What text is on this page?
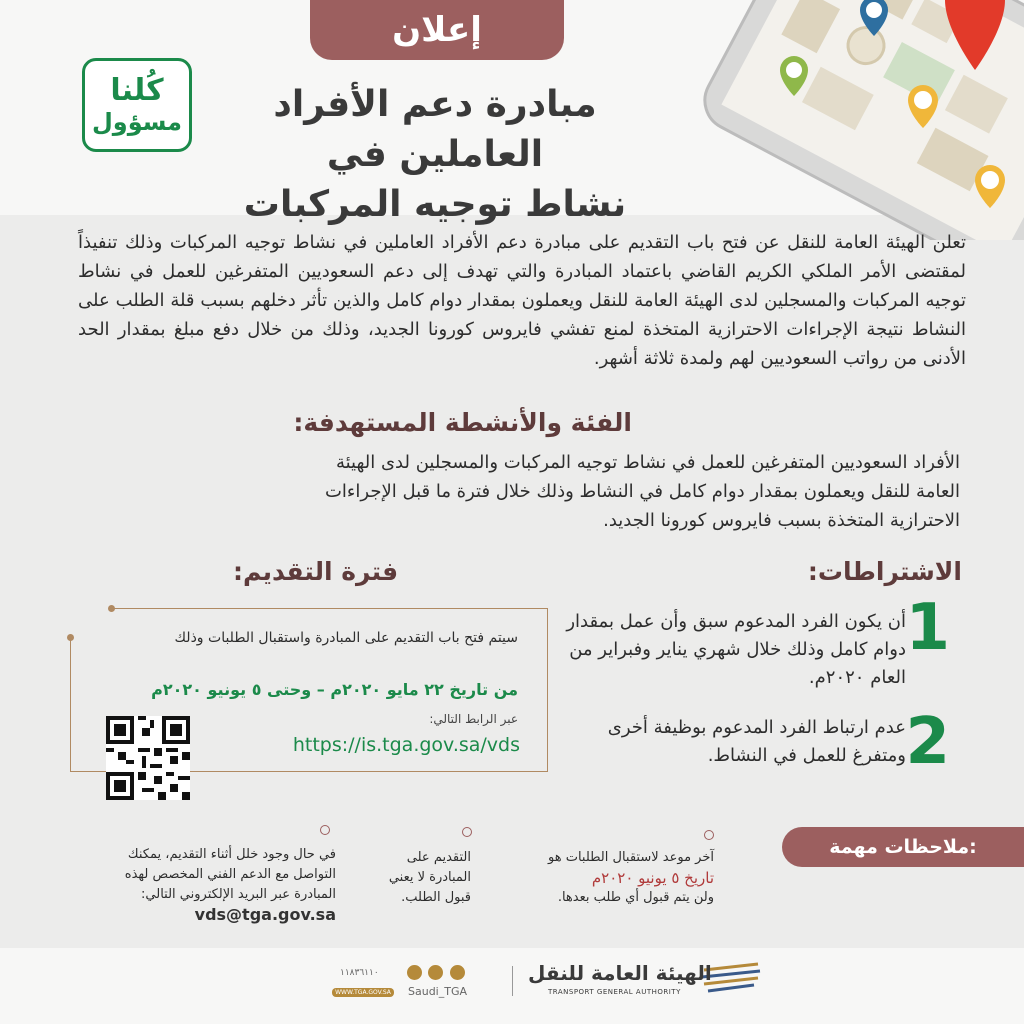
إعلان
كُلنا
مسؤول	مبادرة دعم الأفراد العاملين في
نشاط توجيه المركبات
تعلن الهيئة العامة للنقل عن فتح باب التقديم على مبادرة دعم الأفراد العاملين في نشاط توجيه المركبات وذلك تنفيذاً لمقتضى الأمر الملكي الكريم القاضي باعتماد المبادرة والتي تهدف إلى دعم السعوديين المتفرغين للعمل في نشاط توجيه المركبات والمسجلين لدى الهيئة العامة للنقل ويعملون بمقدار دوام كامل والذين تأثر دخلهم بسبب قلة الطلب على النشاط نتيجة الإجراءات الاحترازية المتخذة لمنع تفشي فايروس كورونا الجديد، وذلك من خلال دفع مبلغ بمقدار الحد الأدنى من رواتب السعوديين لهم ولمدة ثلاثة أشهر.
الفئة والأنشطة المستهدفة:
الأفراد السعوديين المتفرغين للعمل في نشاط توجيه المركبات والمسجلين لدى الهيئة العامة للنقل ويعملون بمقدار دوام كامل في النشاط وذلك خلال فترة ما قبل الإجراءات الاحترازية المتخذة بسبب فايروس كورونا الجديد.
الاشتراطات:
فترة التقديم:
1
أن يكون الفرد المدعوم سبق وأن عمل بمقدار دوام كامل وذلك خلال شهري يناير وفبراير من العام ٢٠٢٠م.
2
عدم ارتباط الفرد المدعوم بوظيفة أخرى ومتفرغ للعمل في النشاط.
سيتم فتح باب التقديم على المبادرة واستقبال الطلبات وذلك
من تاريخ ٢٢ مايو ٢٠٢٠م – وحتى ٥ يونيو ٢٠٢٠م
عبر الرابط التالي:
https://is.tga.gov.sa/vds
ملاحظات مهمة:
آخر موعد لاستقبال الطلبات هو
تاريخ ٥ يونيو ٢٠٢٠م
ولن يتم قبول أي طلب بعدها.
التقديم على المبادرة لا يعني قبول الطلب.
في حال وجود خلل أثناء التقديم، يمكنك التواصل مع الدعم الفني المخصص لهذه المبادرة عبر البريد الإلكتروني التالي:
vds@tga.gov.sa
الهيئة العامة للنقل
TRANSPORT GENERAL AUTHORITY
Saudi_TGA
١١٨٣٦١١٠
WWW.TGA.GOV.SA
